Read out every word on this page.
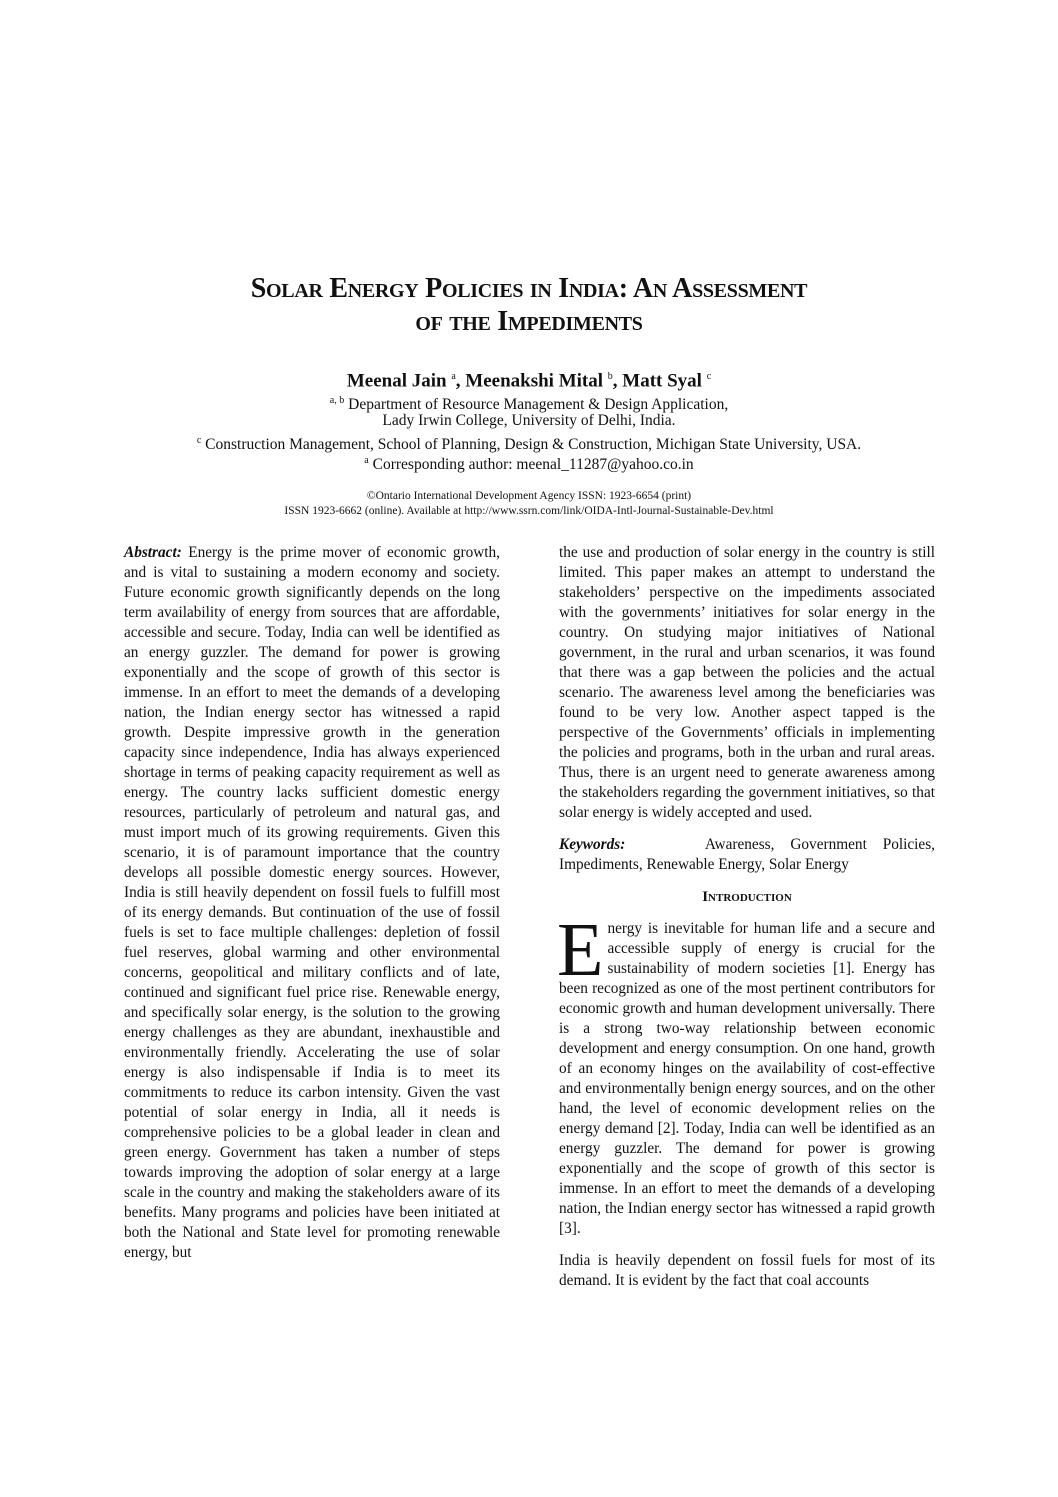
Solar Energy Policies in India: An Assessment
of the Impediments
Meenal Jain $^a$, Meenakshi Mital $^b$, Matt Syal $^c$
$^{a, b}$ Department of Resource Management & Design Application,
Lady Irwin College, University of Delhi, India.
$^c$ Construction Management, School of Planning, Design & Construction, Michigan State University, USA.
$^a$ Corresponding author: meenal_11287@yahoo.co.in
©Ontario International Development Agency ISSN: 1923-6654 (print)
ISSN 1923-6662 (online). Available at http://www.ssrn.com/link/OIDA-Intl-Journal-Sustainable-Dev.html

Abstract: Energy is the prime mover of economic growth, and is vital to sustaining a modern economy and society. Future economic growth significantly depends on the long term availability of energy from sources that are affordable, accessible and secure. Today, India can well be identified as an energy guzzler. The demand for power is growing exponentially and the scope of growth of this sector is immense. In an effort to meet the demands of a developing nation, the Indian energy sector has witnessed a rapid growth. Despite impressive growth in the generation capacity since independence, India has always experienced shortage in terms of peaking capacity requirement as well as energy. The country lacks sufficient domestic energy resources, particularly of petroleum and natural gas, and must import much of its growing requirements. Given this scenario, it is of paramount importance that the country develops all possible domestic energy sources. However, India is still heavily dependent on fossil fuels to fulfill most of its energy demands. But continuation of the use of fossil fuels is set to face multiple challenges: depletion of fossil fuel reserves, global warming and other environmental concerns, geopolitical and military conflicts and of late, continued and significant fuel price rise. Renewable energy, and specifically solar energy, is the solution to the growing energy challenges as they are abundant, inexhaustible and environmentally friendly. Accelerating the use of solar energy is also indispensable if India is to meet its commitments to reduce its carbon intensity. Given the vast potential of solar energy in India, all it needs is comprehensive policies to be a global leader in clean and green energy. Government has taken a number of steps towards improving the adoption of solar energy at a large scale in the country and making the stakeholders aware of its benefits. Many programs and policies have been initiated at both the National and State level for promoting renewable energy, but

the use and production of solar energy in the country is still limited. This paper makes an attempt to understand the stakeholders’ perspective on the impediments associated with the governments’ initiatives for solar energy in the country. On studying major initiatives of National government, in the rural and urban scenarios, it was found that there was a gap between the policies and the actual scenario. The awareness level among the beneficiaries was found to be very low. Another aspect tapped is the perspective of the Governments’ officials in implementing the policies and programs, both in the urban and rural areas. Thus, there is an urgent need to generate awareness among the stakeholders regarding the government initiatives, so that solar energy is widely accepted and used.

Keywords:	Awareness, Government Policies, Impediments, Renewable Energy, Solar Energy

Introduction

E nergy is inevitable for human life and a secure and accessible supply of energy is crucial for the sustainability of modern societies [1]. Energy has been recognized as one of the most pertinent contributors for economic growth and human development universally. There is a strong two-way relationship between economic development and energy consumption. On one hand, growth of an economy hinges on the availability of cost-effective and environmentally benign energy sources, and on the other hand, the level of economic development relies on the energy demand [2]. Today, India can well be identified as an energy guzzler. The demand for power is growing exponentially and the scope of growth of this sector is immense. In an effort to meet the demands of a developing nation, the Indian energy sector has witnessed a rapid growth [3].

India is heavily dependent on fossil fuels for most of its demand. It is evident by the fact that coal accounts
